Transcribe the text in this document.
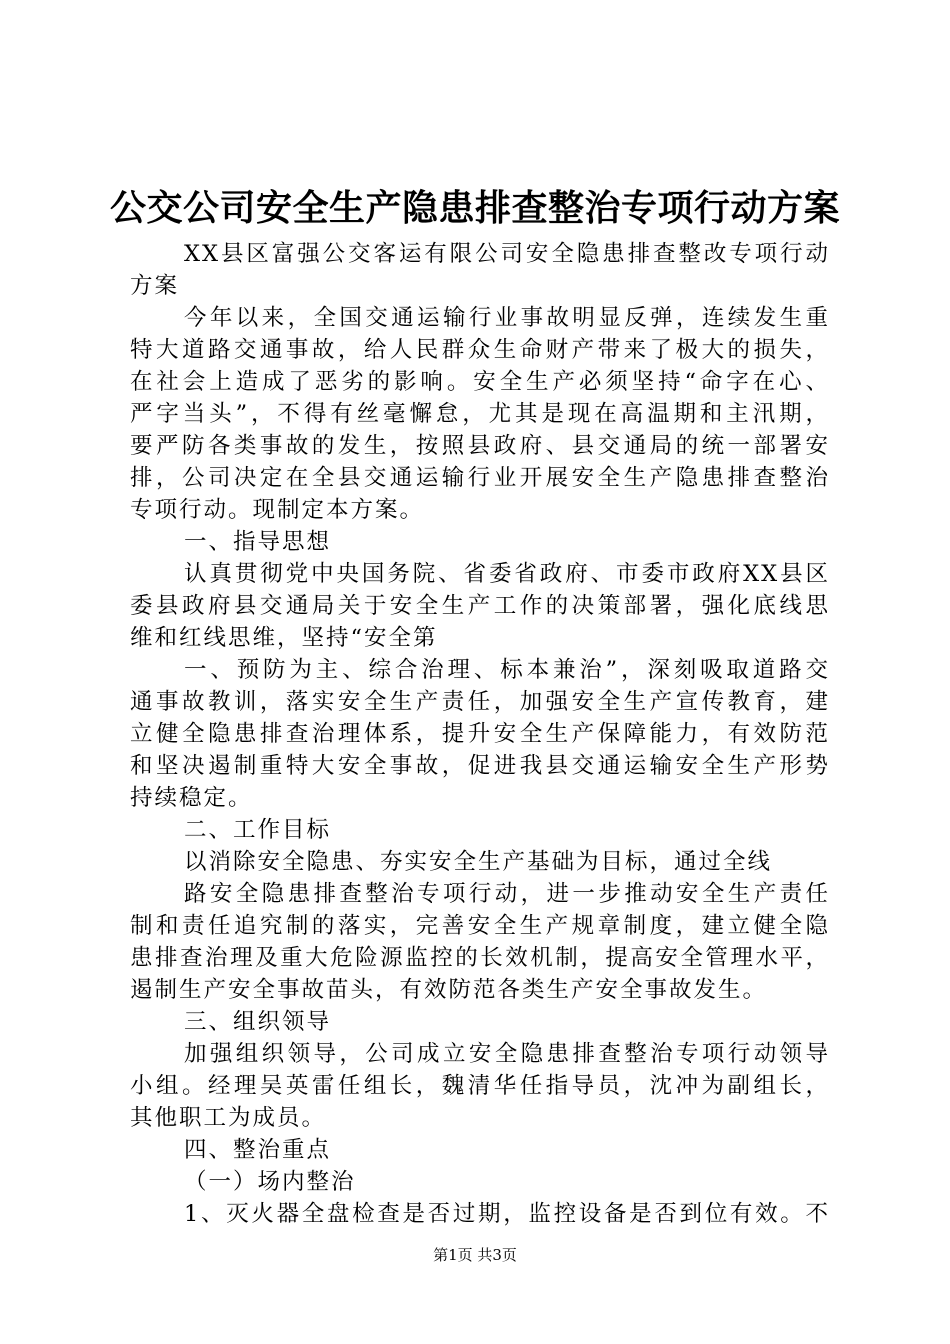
公交公司安全生产隐患排查整治专项行动方案
XX县区富强公交客运有限公司安全隐患排查整改专项行动
方案
今年以来，全国交通运输行业事故明显反弹，连续发生重
特大道路交通事故，给人民群众生命财产带来了极大的损失，
在社会上造成了恶劣的影响。安全生产必须坚持“命字在心、
严字当头”，不得有丝毫懈怠，尤其是现在高温期和主汛期，
要严防各类事故的发生，按照县政府、县交通局的统一部署安
排，公司决定在全县交通运输行业开展安全生产隐患排查整治
专项行动。现制定本方案。
一、指导思想
认真贯彻党中央国务院、省委省政府、市委市政府XX县区
委县政府县交通局关于安全生产工作的决策部署，强化底线思
维和红线思维，坚持“安全第
一、预防为主、综合治理、标本兼治”，深刻吸取道路交
通事故教训，落实安全生产责任，加强安全生产宣传教育，建
立健全隐患排查治理体系，提升安全生产保障能力，有效防范
和坚决遏制重特大安全事故，促进我县交通运输安全生产形势
持续稳定。
二、工作目标
以消除安全隐患、夯实安全生产基础为目标，通过全线
路安全隐患排查整治专项行动，进一步推动安全生产责任
制和责任追究制的落实，完善安全生产规章制度，建立健全隐
患排查治理及重大危险源监控的长效机制，提高安全管理水平，
遏制生产安全事故苗头，有效防范各类生产安全事故发生。
三、组织领导
加强组织领导，公司成立安全隐患排查整治专项行动领导
小组。经理吴英雷任组长，魏清华任指导员，沈冲为副组长，
其他职工为成员。
四、整治重点
（一）场内整治
1、灭火器全盘检查是否过期，监控设备是否到位有效。不
第1页 共3页
